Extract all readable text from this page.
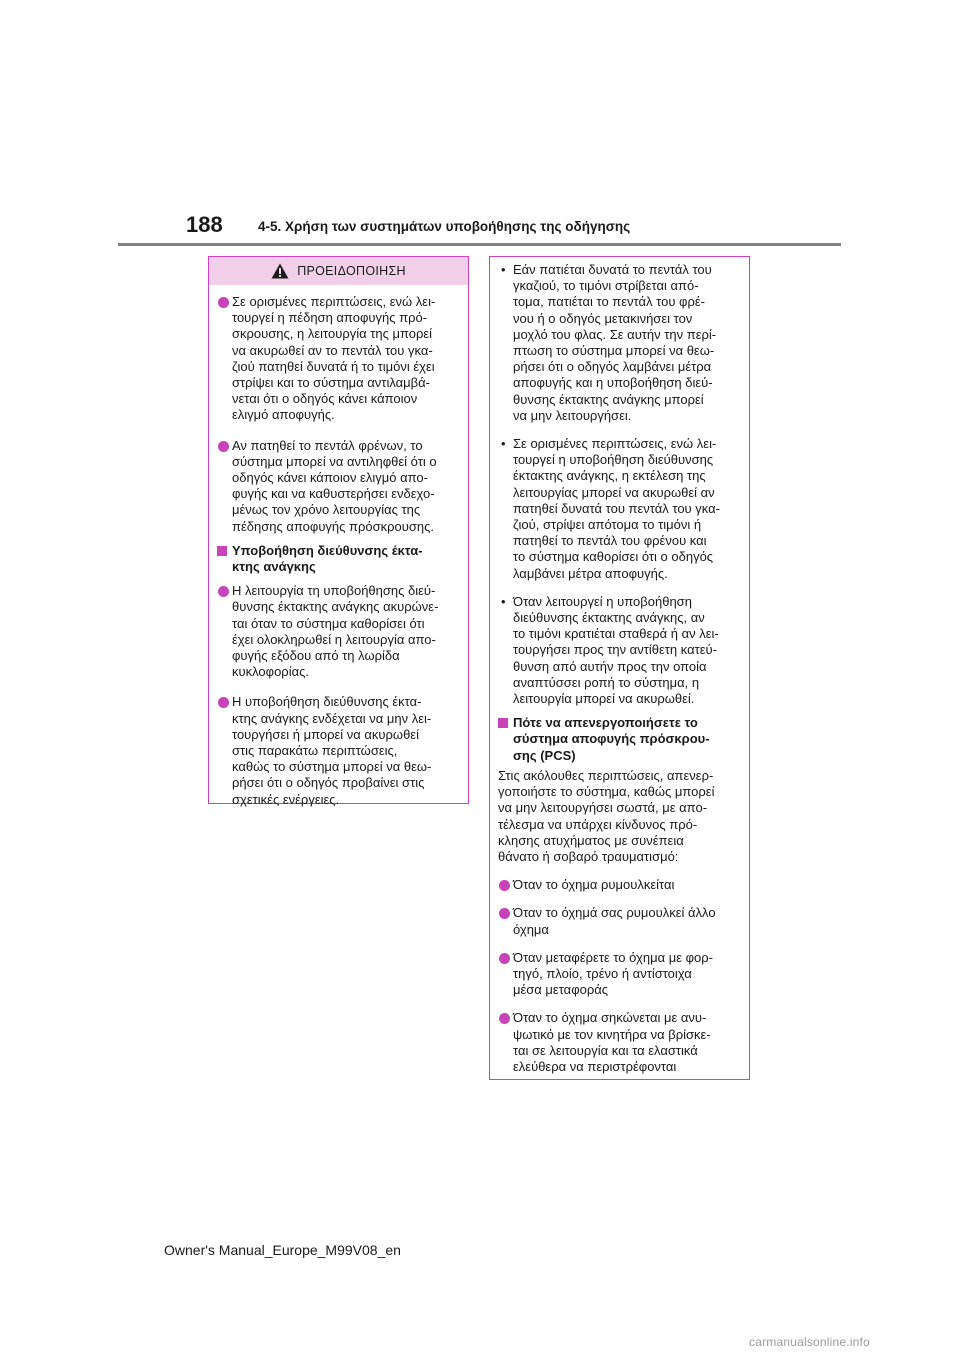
188	4-5. Χρήση των συστημάτων υποβοήθησης της οδήγησης
ΠΡΟΕΙΔΟΠΟΙΗΣΗ
Σε ορισμένες περιπτώσεις, ενώ λει-
τουργεί η πέδηση αποφυγής πρό-
σκρουσης, η λειτουργία της μπορεί
να ακυρωθεί αν το πεντάλ του γκα-
ζιού πατηθεί δυνατά ή το τιμόνι έχει
στρίψει και το σύστημα αντιλαμβά-
νεται ότι ο οδηγός κάνει κάποιον
ελιγμό αποφυγής.
Αν πατηθεί το πεντάλ φρένων, το
σύστημα μπορεί να αντιληφθεί ότι ο
οδηγός κάνει κάποιον ελιγμό απο-
φυγής και να καθυστερήσει ενδεχο-
μένως τον χρόνο λειτουργίας της
πέδησης αποφυγής πρόσκρουσης.
Υποβοήθηση διεύθυνσης έκτα-
κτης ανάγκης
Η λειτουργία τη υποβοήθησης διεύ-
θυνσης έκτακτης ανάγκης ακυρώνε-
ται όταν το σύστημα καθορίσει ότι
έχει ολοκληρωθεί η λειτουργία απο-
φυγής εξόδου από τη λωρίδα
κυκλοφορίας.
Η υποβοήθηση διεύθυνσης έκτα-
κτης ανάγκης ενδέχεται να μην λει-
τουργήσει ή μπορεί να ακυρωθεί
στις παρακάτω περιπτώσεις,
καθώς το σύστημα μπορεί να θεω-
ρήσει ότι ο οδηγός προβαίνει στις
σχετικές ενέργειες.
• Εάν πατιέται δυνατά το πεντάλ του
γκαζιού, το τιμόνι στρίβεται από-
τομα, πατιέται το πεντάλ του φρέ-
νου ή ο οδηγός μετακινήσει τον
μοχλό του φλας. Σε αυτήν την περί-
πτωση το σύστημα μπορεί να θεω-
ρήσει ότι ο οδηγός λαμβάνει μέτρα
αποφυγής και η υποβοήθηση διεύ-
θυνσης έκτακτης ανάγκης μπορεί
να μην λειτουργήσει.
• Σε ορισμένες περιπτώσεις, ενώ λει-
τουργεί η υποβοήθηση διεύθυνσης
έκτακτης ανάγκης, η εκτέλεση της
λειτουργίας μπορεί να ακυρωθεί αν
πατηθεί δυνατά του πεντάλ του γκα-
ζιού, στρίψει απότομα το τιμόνι ή
πατηθεί το πεντάλ του φρένου και
το σύστημα καθορίσει ότι ο οδηγός
λαμβάνει μέτρα αποφυγής.
• Όταν λειτουργεί η υποβοήθηση
διεύθυνσης έκτακτης ανάγκης, αν
το τιμόνι κρατιέται σταθερά ή αν λει-
τουργήσει προς την αντίθετη κατεύ-
θυνση από αυτήν προς την οποία
αναπτύσσει ροπή το σύστημα, η
λειτουργία μπορεί να ακυρωθεί.
Πότε να απενεργοποιήσετε το
σύστημα αποφυγής πρόσκρου-
σης (PCS)
Στις ακόλουθες περιπτώσεις, απενερ-
γοποιήστε το σύστημα, καθώς μπορεί
να μην λειτουργήσει σωστά, με απο-
τέλεσμα να υπάρχει κίνδυνος πρό-
κλησης ατυχήματος με συνέπεια
θάνατο ή σοβαρό τραυματισμό:
Όταν το όχημα ρυμουλκείται
Όταν το όχημά σας ρυμουλκεί άλλο
όχημα
Όταν μεταφέρετε το όχημα με φορ-
τηγό, πλοίο, τρένο ή αντίστοιχα
μέσα μεταφοράς
Όταν το όχημα σηκώνεται με ανυ-
ψωτικό με τον κινητήρα να βρίσκε-
ται σε λειτουργία και τα ελαστικά
ελεύθερα να περιστρέφονται
Owner's Manual_Europe_M99V08_en
carmanualsonline.info
